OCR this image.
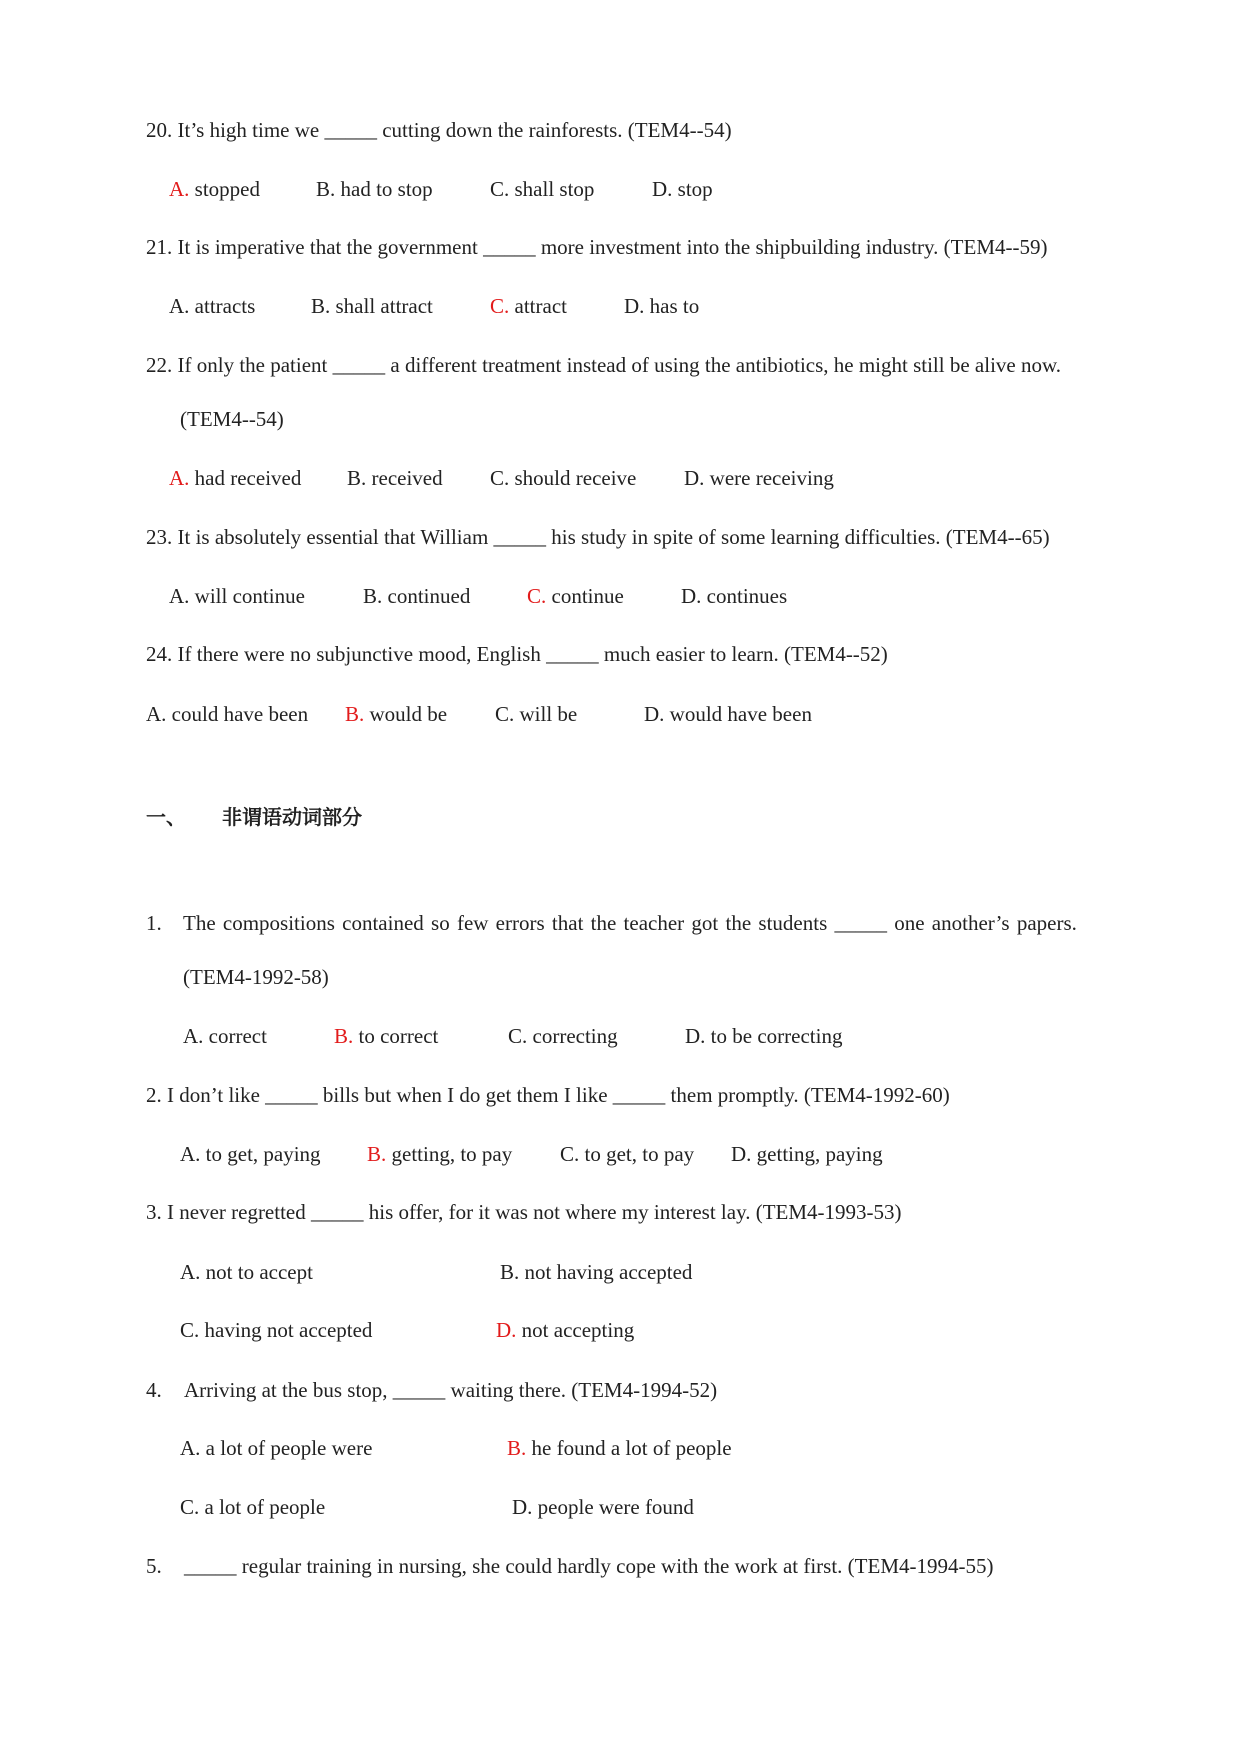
20. It’s high time we _____ cutting down the rainforests. (TEM4--54)
A. stopped	B. had to stop	C. shall stop	D. stop
21. It is imperative that the government _____ more investment into the shipbuilding industry. (TEM4--59)
A. attracts	B. shall attract	C. attract	D. has to
22. If only the patient _____ a different treatment instead of using the antibiotics, he might still be alive now.
(TEM4--54)
A. had received B. received C. should receive D. were receiving
23. It is absolutely essential that William _____ his study in spite of some learning difficulties. (TEM4--65)
A. will continue	B. continued	C. continue	D. continues
24. If there were no subjunctive mood, English _____ much easier to learn. (TEM4--52)
A. could have been B. would be C. will be	D. would have been
一、 非谓语动词部分
1. The compositions contained so few errors that the teacher got the students _____ one another’s papers.
(TEM4-1992-58)
A. correct	B. to correct	C. correcting	D. to be correcting
2. I don’t like _____ bills but when I do get them I like _____ them promptly. (TEM4-1992-60)
A. to get, paying B. getting, to pay C. to get, to pay D. getting, paying
3. I never regretted _____ his offer, for it was not where my interest lay. (TEM4-1993-53)
A. not to accept	B. not having accepted
C. having not accepted	D. not accepting
4. Arriving at the bus stop, _____ waiting there. (TEM4-1994-52)
A. a lot of people were	B. he found a lot of people
C. a lot of people	D. people were found
5. _____ regular training in nursing, she could hardly cope with the work at first. (TEM4-1994-55)
